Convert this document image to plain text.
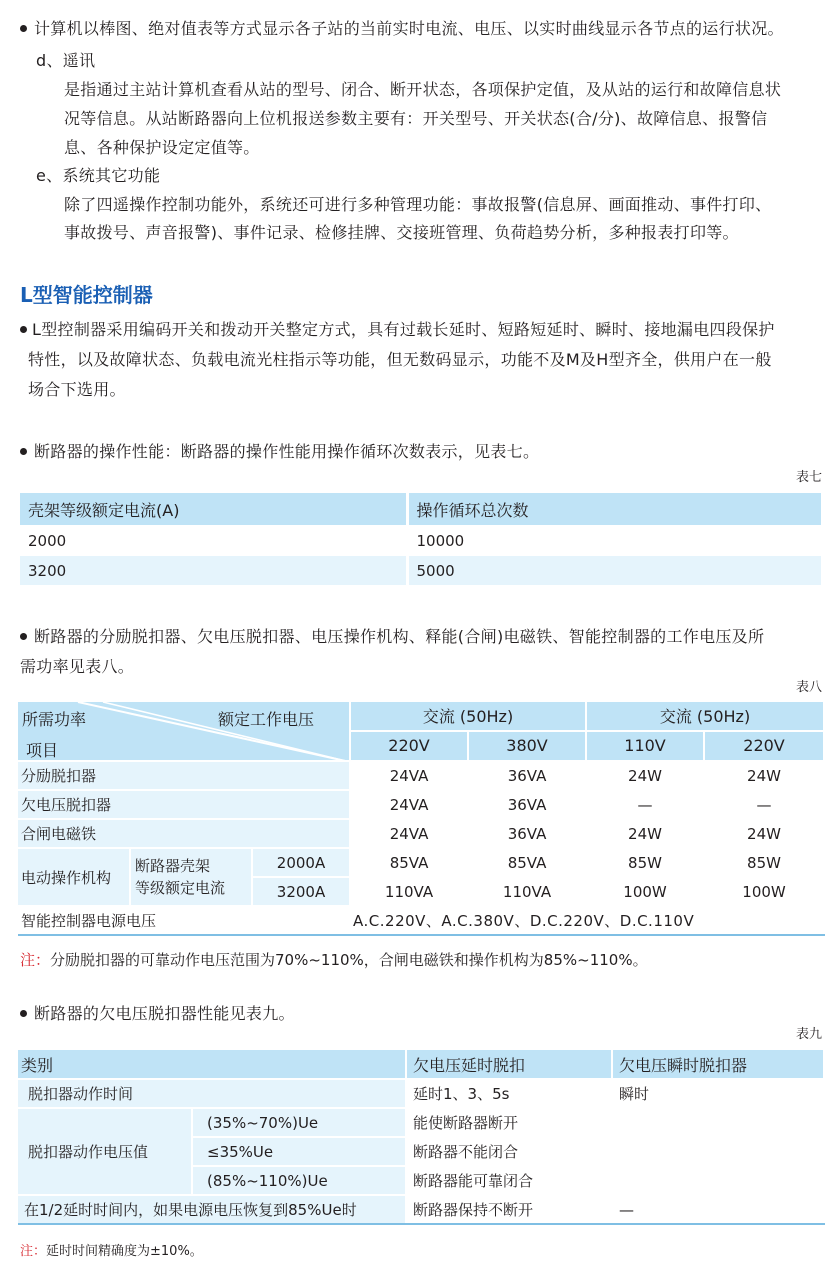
计算机以棒图、绝对值表等方式显示各子站的当前实时电流、电压、以实时曲线显示各节点的运行状况。
d、遥讯
是指通过主站计算机查看从站的型号、闭合、断开状态，各项保护定值，及从站的运行和故障信息状
况等信息。从站断路器向上位机报送参数主要有：开关型号、开关状态(合/分)、故障信息、报警信
息、各种保护设定定值等。
e、系统其它功能
除了四遥操作控制功能外，系统还可进行多种管理功能：事故报警(信息屏、画面推动、事件打印、
事故拨号、声音报警)、事件记录、检修挂牌、交接班管理、负荷趋势分析，多种报表打印等。
L型智能控制器
L型控制器采用编码开关和拨动开关整定方式，具有过载长延时、短路短延时、瞬时、接地漏电四段保护
特性，以及故障状态、负载电流光柱指示等功能，但无数码显示，功能不及M及H型齐全，供用户在一般
场合下选用。
断路器的操作性能：断路器的操作性能用操作循环次数表示，见表七。
表七
壳架等级额定电流(A)	操作循环总次数
2000	10000
3200	5000
断路器的分励脱扣器、欠电压脱扣器、电压操作机构、释能(合闸)电磁铁、智能控制器的工作电压及所
需功率见表八。
表八
所需功率 额定工作电压
项目			交流 (50Hz)		交流 (50Hz)	
			220V	380V	110V	220V
分励脱扣器			24VA	36VA	24W	24W
欠电压脱扣器			24VA	36VA	—	—
合闸电磁铁			24VA	36VA	24W	24W
电动操作机构	断路器壳架
等级额定电流	2000A	85VA	85VA	85W	85W
		3200A	110VA	110VA	100W	100W
智能控制器电源电压			A.C.220V、A.C.380V、D.C.220V、D.C.110V			
注：分励脱扣器的可靠动作电压范围为70%~110%，合闸电磁铁和操作机构为85%~110%。
断路器的欠电压脱扣器性能见表九。
表九
类别		欠电压延时脱扣	欠电压瞬时脱扣器
脱扣器动作时间		延时1、3、5s	瞬时
脱扣器动作电压值	(35%~70%)Ue	能使断路器断开	
	≤35%Ue	断路器不能闭合	
	(85%~110%)Ue	断路器能可靠闭合	
在1/2延时时间内，如果电源电压恢复到85%Ue时		断路器保持不断开	—
注：延时时间精确度为±10%。
